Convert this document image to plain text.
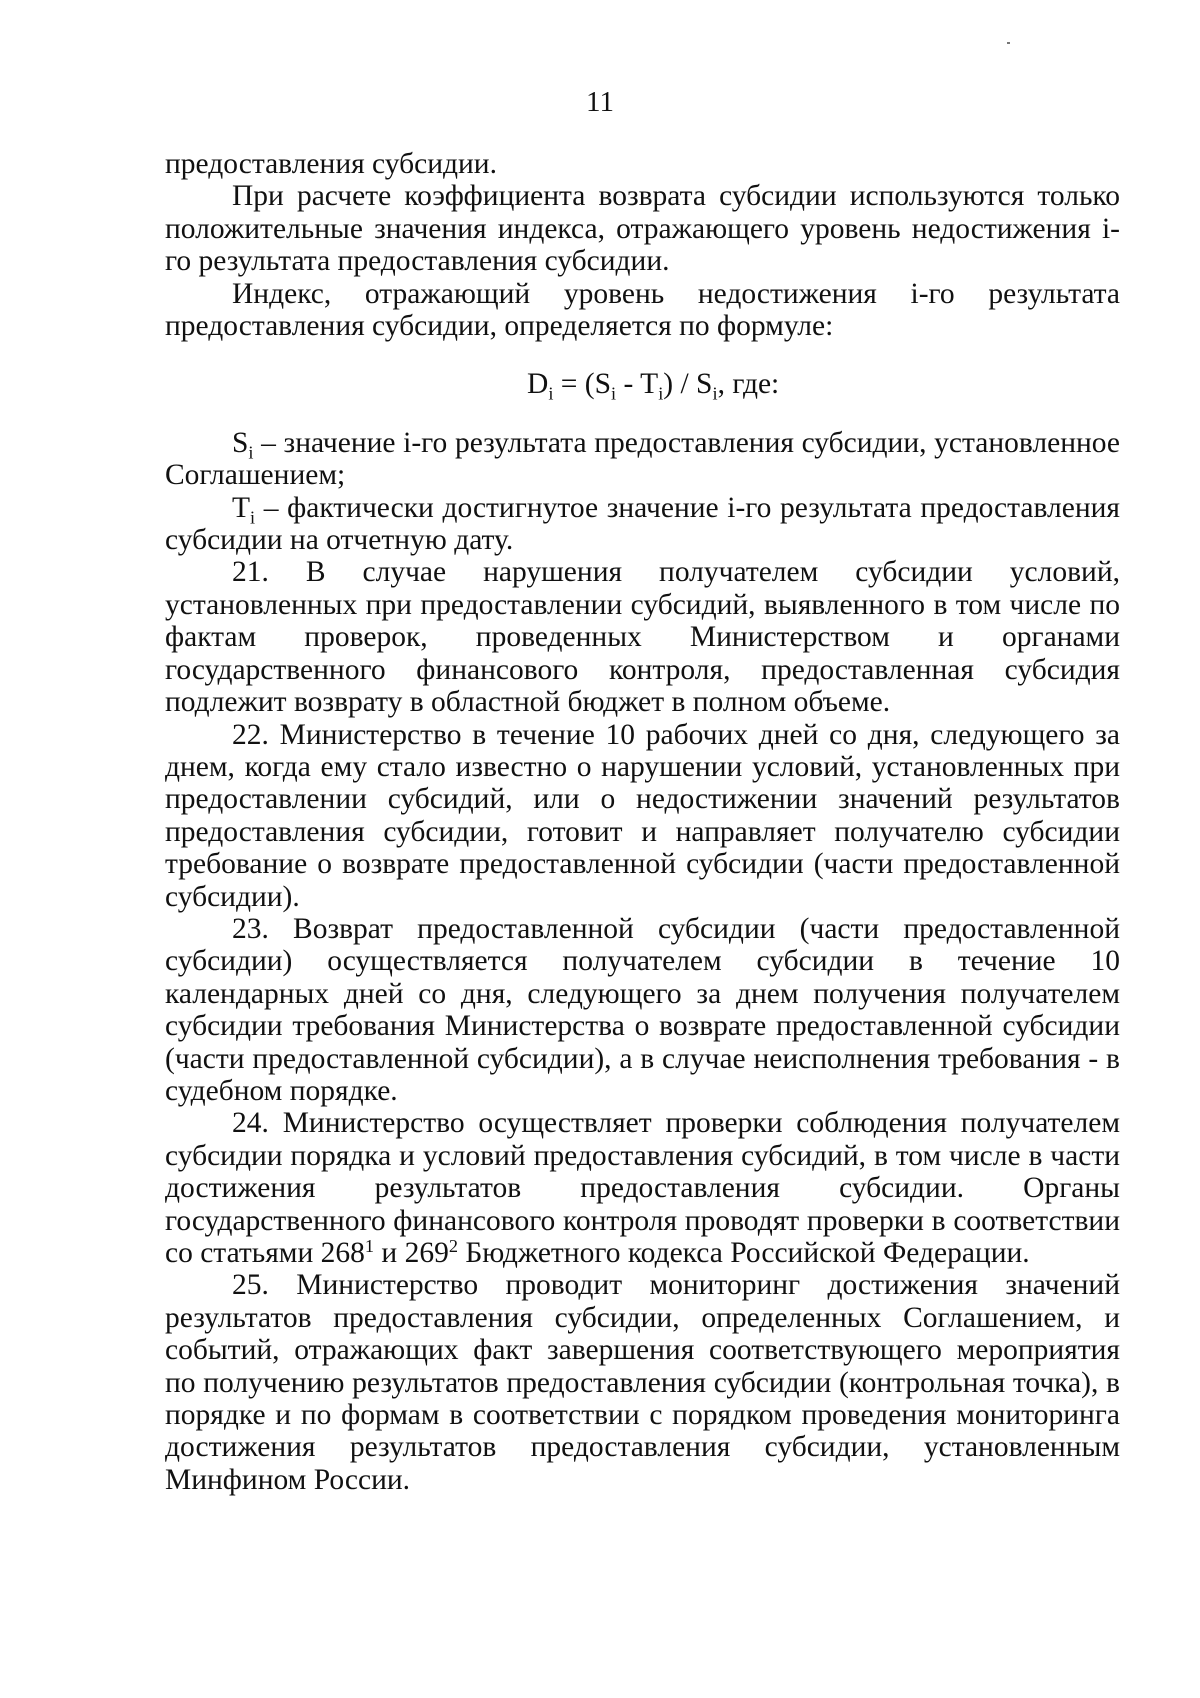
11

предоставления субсидии.

При расчете коэффициента возврата субсидии используются только положительные значения индекса, отражающего уровень недостижения i-го результата предоставления субсидии.

Индекс, отражающий уровень недостижения i-го результата предоставления субсидии, определяется по формуле:

$D_i = (S_i - T_i) / S_i$, где:

$S_i$ – значение i-го результата предоставления субсидии, установленное Соглашением;

$T_i$ – фактически достигнутое значение i-го результата предоставления субсидии на отчетную дату.

21. В случае нарушения получателем субсидии условий, установленных при предоставлении субсидий, выявленного в том числе по фактам проверок, проведенных Министерством и органами государственного финансового контроля, предоставленная субсидия подлежит возврату в областной бюджет в полном объеме.

22. Министерство в течение 10 рабочих дней со дня, следующего за днем, когда ему стало известно о нарушении условий, установленных при предоставлении субсидий, или о недостижении значений результатов предоставления субсидии, готовит и направляет получателю субсидии требование о возврате предоставленной субсидии (части предоставленной субсидии).

23. Возврат предоставленной субсидии (части предоставленной субсидии) осуществляется получателем субсидии в течение 10 календарных дней со дня, следующего за днем получения получателем субсидии требования Министерства о возврате предоставленной субсидии (части предоставленной субсидии), а в случае неисполнения требования - в судебном порядке.

24. Министерство осуществляет проверки соблюдения получателем субсидии порядка и условий предоставления субсидий, в том числе в части достижения результатов предоставления субсидии. Органы государственного финансового контроля проводят проверки в соответствии со статьями $268^1$ и $269^2$ Бюджетного кодекса Российской Федерации.

25. Министерство проводит мониторинг достижения значений результатов предоставления субсидии, определенных Соглашением, и событий, отражающих факт завершения соответствующего мероприятия по получению результатов предоставления субсидии (контрольная точка), в порядке и по формам в соответствии с порядком проведения мониторинга достижения результатов предоставления субсидии, установленным Минфином России.
